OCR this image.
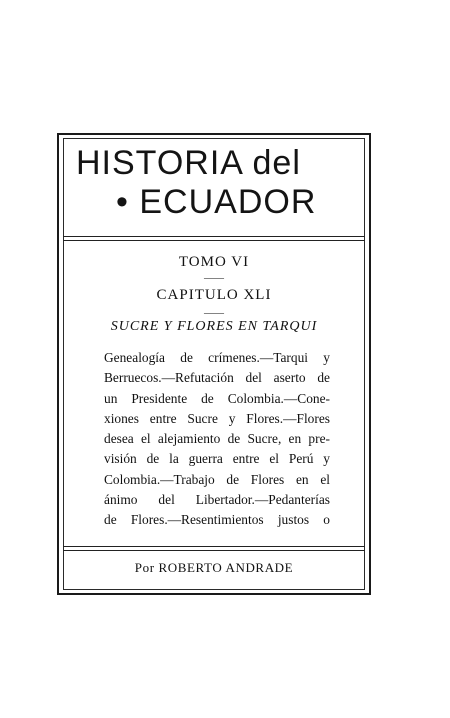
HISTORIA del
• ECUADOR
TOMO VI
——
CAPITULO XLI
——
SUCRE Y FLORES EN TARQUI
Genealogía de crímenes.—Tarqui y
Berruecos.—Refutación del aserto de
un Presidente de Colombia.—Cone-
xiones entre Sucre y Flores.—Flores
desea el alejamiento de Sucre, en pre-
visión de la guerra entre el Perú y
Colombia.—Trabajo de Flores en el
ánimo del Libertador.—Pedanterías
de Flores.—Resentimientos justos o
Por ROBERTO ANDRADE
